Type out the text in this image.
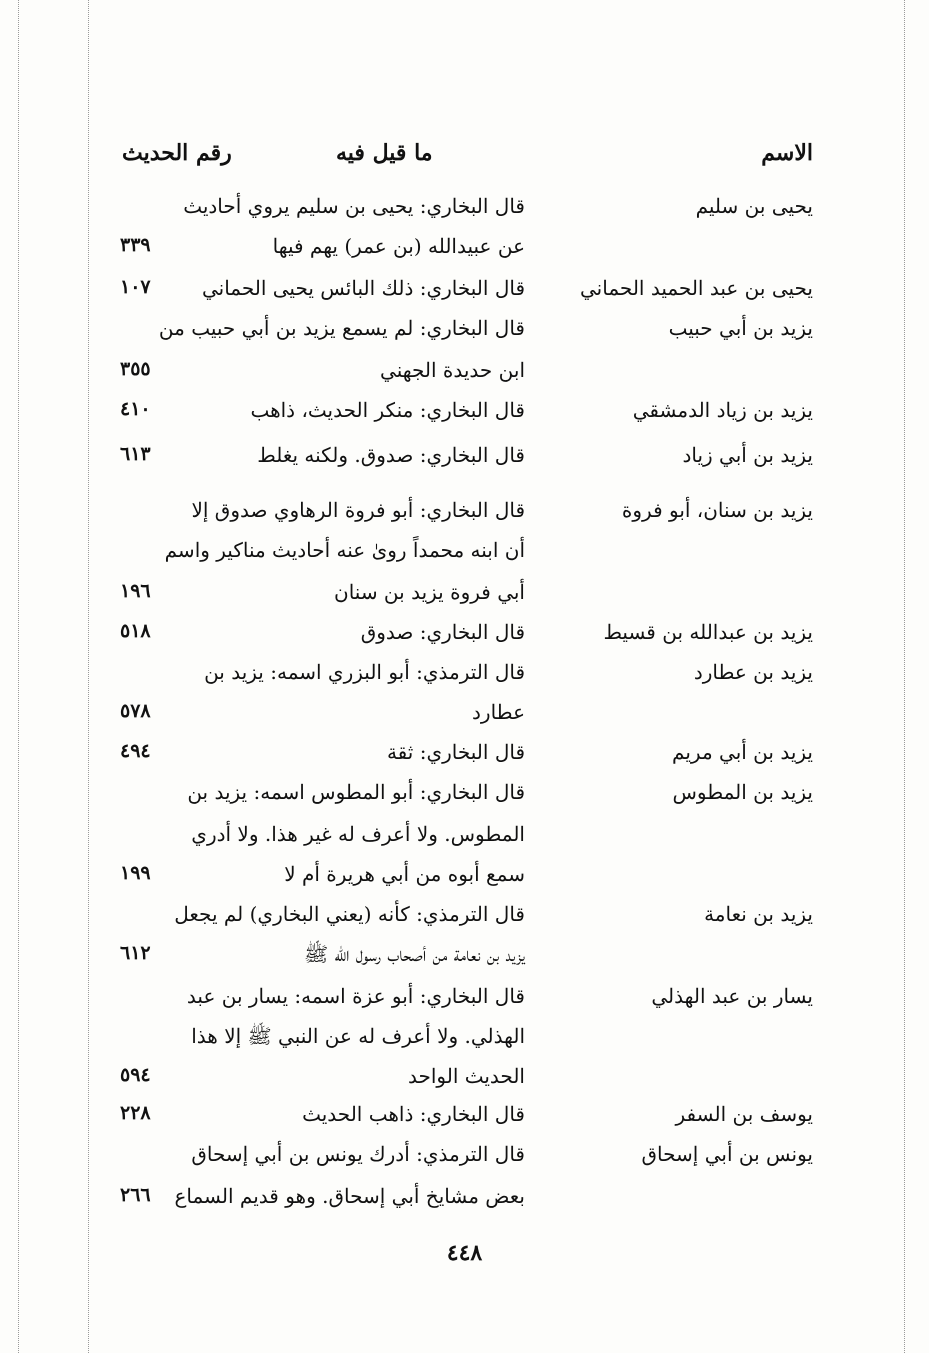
الاسم
ما قيل فيه
رقم الحديث
يحيى بن سليم
قال البخاري: يحيى بن سليم يروي أحاديث
عن عبيدالله (بن عمر) يهم فيها
٣٣٩
يحيى بن عبد الحميد الحماني
قال البخاري: ذلك البائس يحيى الحماني
١٠٧
يزيد بن أبي حبيب
قال البخاري: لم يسمع يزيد بن أبي حبيب من
ابن حديدة الجهني
٣٥٥
يزيد بن زياد الدمشقي
قال البخاري: منكر الحديث، ذاهب
٤١٠
يزيد بن أبي زياد
قال البخاري: صدوق. ولكنه يغلط
٦١٣
يزيد بن سنان، أبو فروة
قال البخاري: أبو فروة الرهاوي صدوق إلا
أن ابنه محمداً روىٰ عنه أحاديث مناكير واسم
أبي فروة يزيد بن سنان
١٩٦
يزيد بن عبدالله بن قسيط
قال البخاري: صدوق
٥١٨
يزيد بن عطارد
قال الترمذي: أبو البزري اسمه: يزيد بن
عطارد
٥٧٨
يزيد بن أبي مريم
قال البخاري: ثقة
٤٩٤
يزيد بن المطوس
قال البخاري: أبو المطوس اسمه: يزيد بن
المطوس. ولا أعرف له غير هذا. ولا أدري
سمع أبوه من أبي هريرة أم لا
١٩٩
يزيد بن نعامة
قال الترمذي: كأنه (يعني البخاري) لم يجعل
يزيد بن نعامة من أصحاب رسول الله ﷺ
٦١٢
يسار بن عبد الهذلي
قال البخاري: أبو عزة اسمه: يسار بن عبد
الهذلي. ولا أعرف له عن النبي ﷺ إلا هذا
الحديث الواحد
٥٩٤
يوسف بن السفر
قال البخاري: ذاهب الحديث
٢٢٨
يونس بن أبي إسحاق
قال الترمذي: أدرك يونس بن أبي إسحاق
بعض مشايخ أبي إسحاق. وهو قديم السماع
٢٦٦
٤٤٨
